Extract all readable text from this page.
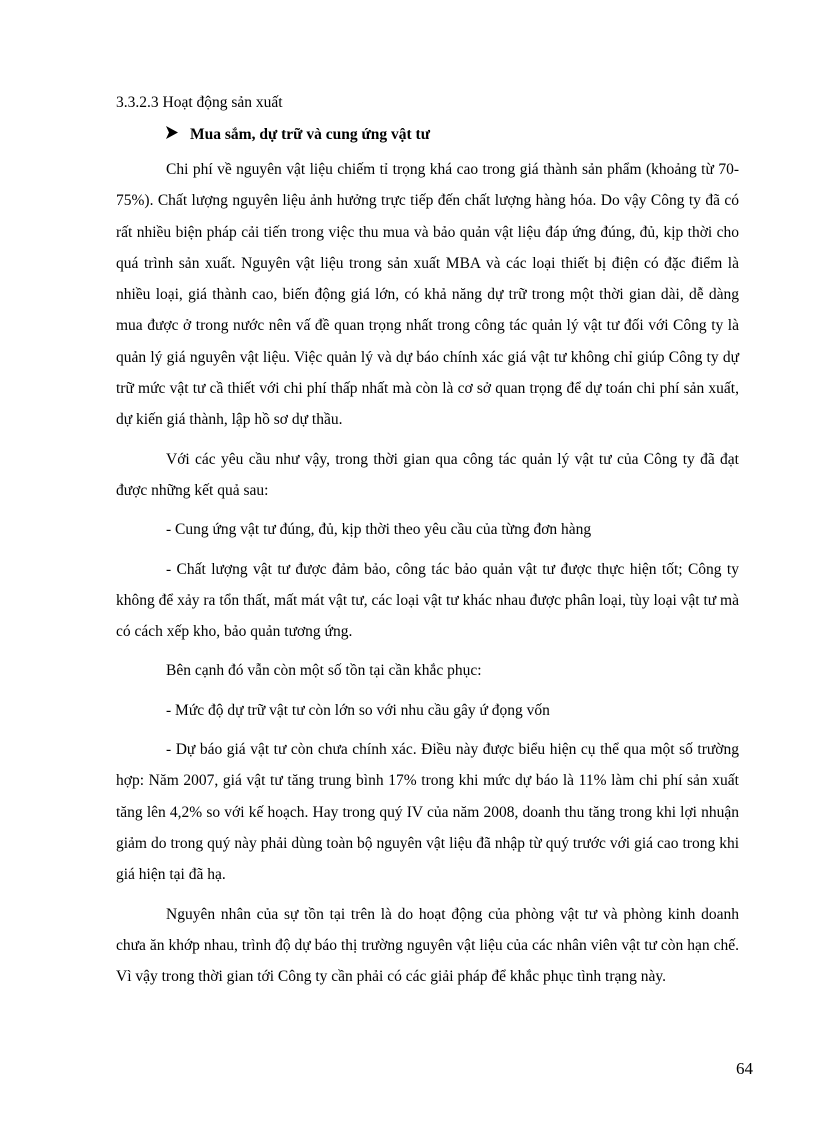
3.3.2.3 Hoạt động sản xuất
Mua sắm, dự trữ và cung ứng vật tư

Chi phí về nguyên vật liệu chiếm tỉ trọng khá cao trong giá thành sản phẩm (khoảng từ 70-75%). Chất lượng nguyên liệu ảnh hưởng trực tiếp đến chất lượng hàng hóa. Do vậy Công ty đã có rất nhiều biện pháp cải tiến trong việc thu mua và bảo quản vật liệu đáp ứng đúng, đủ, kịp thời cho quá trình sản xuất. Nguyên vật liệu trong sản xuất MBA và các loại thiết bị điện có đặc điểm là nhiều loại, giá thành cao, biến động giá lớn, có khả năng dự trữ trong một thời gian dài, dễ dàng mua được ở trong nước nên vấ đề quan trọng nhất trong công tác quản lý vật tư đối với Công ty là quản lý giá nguyên vật liệu. Việc quản lý và dự báo chính xác giá vật tư không chỉ giúp Công ty dự trữ mức vật tư cầ thiết với chi phí thấp nhất mà còn là cơ sở quan trọng để dự toán chi phí sản xuất, dự kiến giá thành, lập hồ sơ dự thầu.

Với các yêu cầu như vậy, trong thời gian qua công tác quản lý vật tư của Công ty đã đạt được những kết quả sau:

- Cung ứng vật tư đúng, đủ, kịp thời theo yêu cầu của từng đơn hàng

- Chất lượng vật tư được đảm bảo, công tác bảo quản vật tư được thực hiện tốt; Công ty không để xảy ra tổn thất, mất mát vật tư, các loại vật tư khác nhau được phân loại, tùy loại vật tư mà có cách xếp kho, bảo quản tương ứng.

Bên cạnh đó vẫn còn một số tồn tại cần khắc phục:

- Mức độ dự trữ vật tư còn lớn so với nhu cầu gây ứ đọng vốn

- Dự báo giá vật tư còn chưa chính xác. Điều này được biểu hiện cụ thể qua một số trường hợp: Năm 2007, giá vật tư tăng trung bình 17% trong khi mức dự báo là 11% làm chi phí sản xuất tăng lên 4,2% so với kế hoạch. Hay trong quý IV của năm 2008, doanh thu tăng trong khi lợi nhuận giảm do trong quý này phải dùng toàn bộ nguyên vật liệu đã nhập từ quý trước với giá cao trong khi giá hiện tại đã hạ.

Nguyên nhân của sự tồn tại trên là do hoạt động của phòng vật tư và phòng kinh doanh chưa ăn khớp nhau, trình độ dự báo thị trường nguyên vật liệu của các nhân viên vật tư còn hạn chế. Vì vậy trong thời gian tới Công ty cần phải có các giải pháp để khắc phục tình trạng này.

64
